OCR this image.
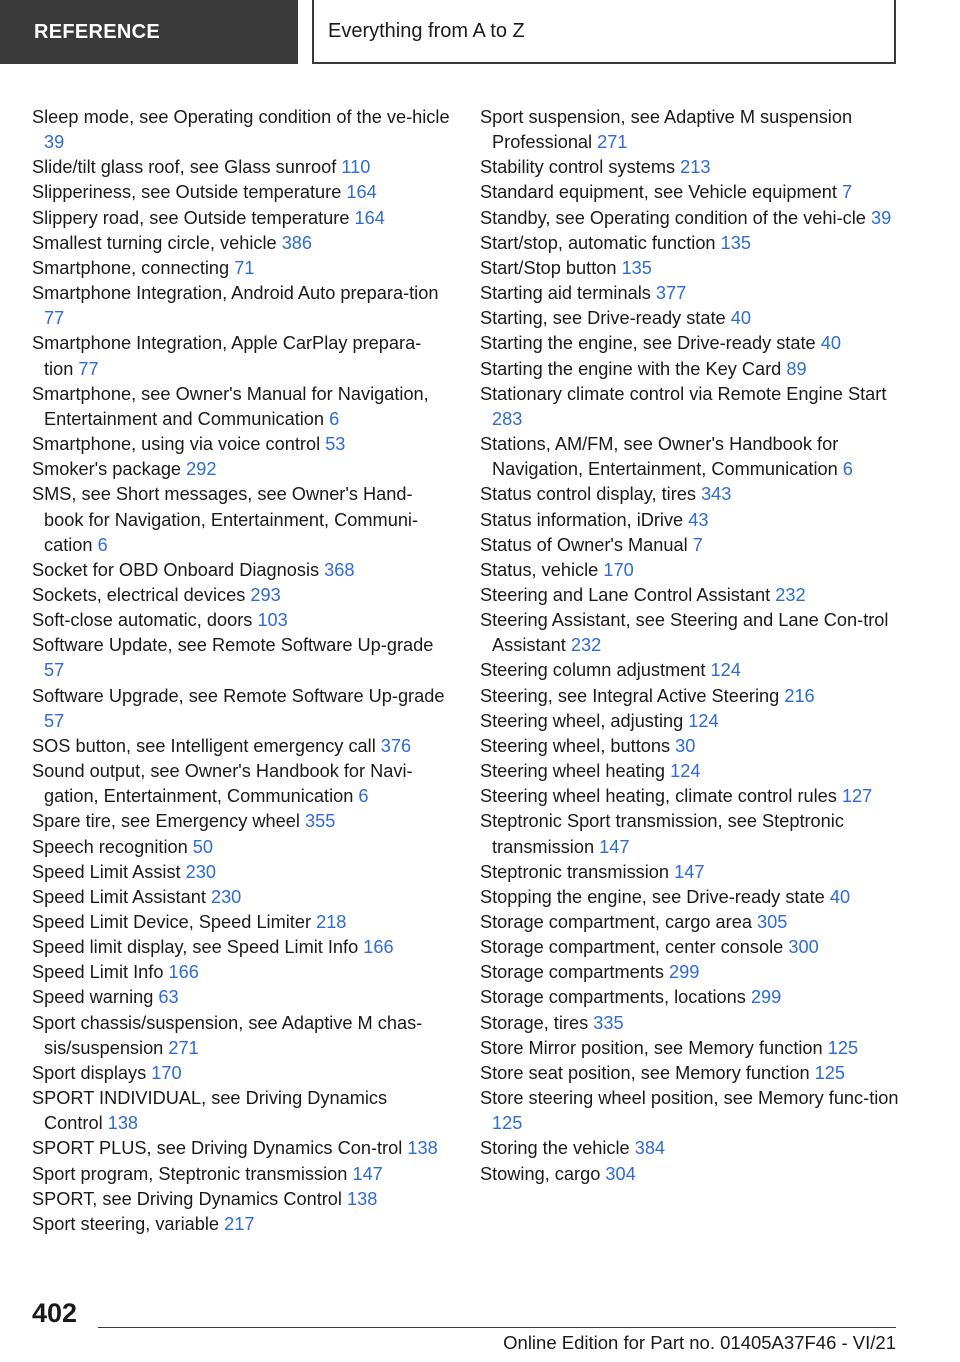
REFERENCE	Everything from A to Z
Sleep mode, see Operating condition of the ve‐hicle 39
Slide/tilt glass roof, see Glass sunroof 110
Slipperiness, see Outside temperature 164
Slippery road, see Outside temperature 164
Smallest turning circle, vehicle 386
Smartphone, connecting 71
Smartphone Integration, Android Auto prepara‐tion 77
Smartphone Integration, Apple CarPlay prepara‐tion 77
Smartphone, see Owner's Manual for Navigation, Entertainment and Communication 6
Smartphone, using via voice control 53
Smoker's package 292
SMS, see Short messages, see Owner's Hand‐book for Navigation, Entertainment, Communi‐cation 6
Socket for OBD Onboard Diagnosis 368
Sockets, electrical devices 293
Soft-close automatic, doors 103
Software Update, see Remote Software Up‐grade 57
Software Upgrade, see Remote Software Up‐grade 57
SOS button, see Intelligent emergency call 376
Sound output, see Owner's Handbook for Navi‐gation, Entertainment, Communication 6
Spare tire, see Emergency wheel 355
Speech recognition 50
Speed Limit Assist 230
Speed Limit Assistant 230
Speed Limit Device, Speed Limiter 218
Speed limit display, see Speed Limit Info 166
Speed Limit Info 166
Speed warning 63
Sport chassis/suspension, see Adaptive M chas‐sis/suspension 271
Sport displays 170
SPORT INDIVIDUAL, see Driving Dynamics Control 138
SPORT PLUS, see Driving Dynamics Con‐trol 138
Sport program, Steptronic transmission 147
SPORT, see Driving Dynamics Control 138
Sport steering, variable 217
Sport suspension, see Adaptive M suspension Professional 271
Stability control systems 213
Standard equipment, see Vehicle equipment 7
Standby, see Operating condition of the vehi‐cle 39
Start/stop, automatic function 135
Start/Stop button 135
Starting aid terminals 377
Starting, see Drive-ready state 40
Starting the engine, see Drive-ready state 40
Starting the engine with the Key Card 89
Stationary climate control via Remote Engine Start 283
Stations, AM/FM, see Owner's Handbook for Navigation, Entertainment, Communication 6
Status control display, tires 343
Status information, iDrive 43
Status of Owner's Manual 7
Status, vehicle 170
Steering and Lane Control Assistant 232
Steering Assistant, see Steering and Lane Con‐trol Assistant 232
Steering column adjustment 124
Steering, see Integral Active Steering 216
Steering wheel, adjusting 124
Steering wheel, buttons 30
Steering wheel heating 124
Steering wheel heating, climate control rules 127
Steptronic Sport transmission, see Steptronic transmission 147
Steptronic transmission 147
Stopping the engine, see Drive-ready state 40
Storage compartment, cargo area 305
Storage compartment, center console 300
Storage compartments 299
Storage compartments, locations 299
Storage, tires 335
Store Mirror position, see Memory function 125
Store seat position, see Memory function 125
Store steering wheel position, see Memory func‐tion 125
Storing the vehicle 384
Stowing, cargo 304
402
Online Edition for Part no. 01405A37F46 - VI/21
